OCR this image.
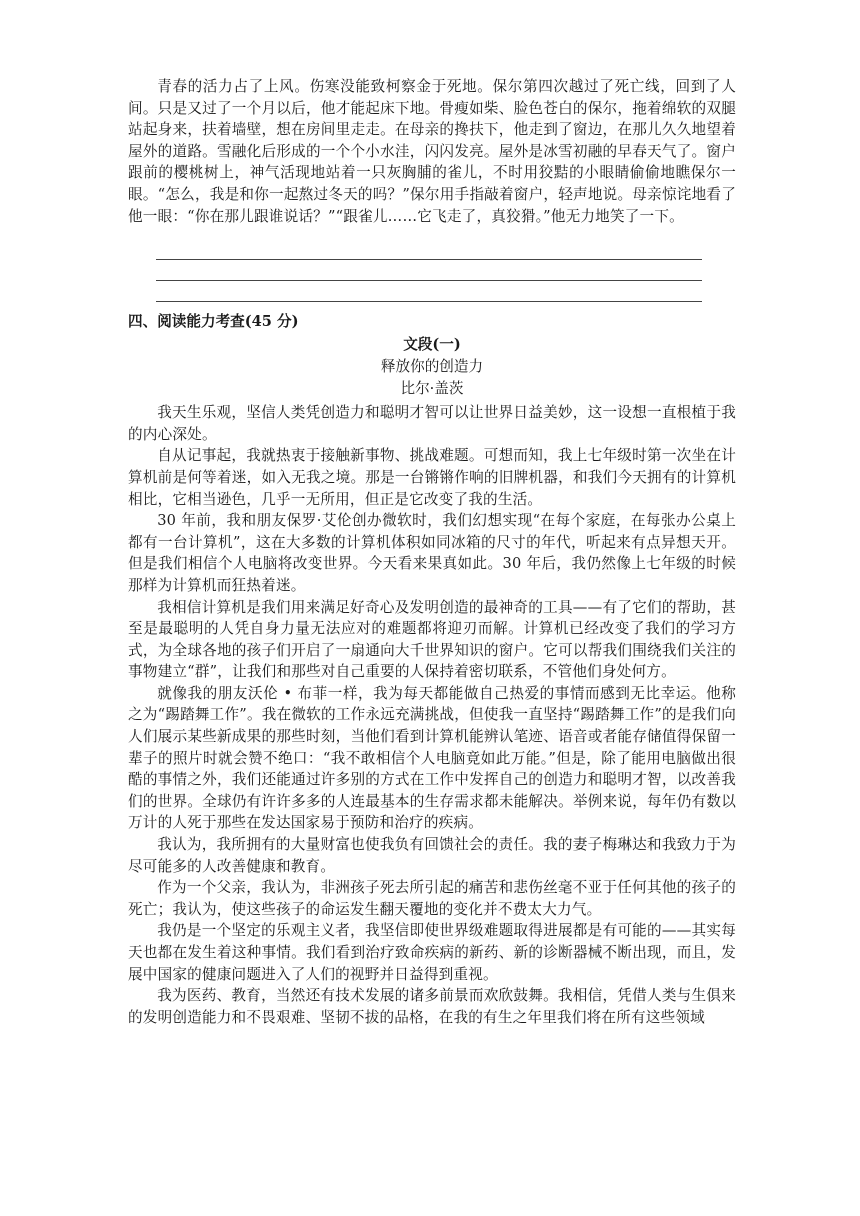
青春的活力占了上风。伤寒没能致柯察金于死地。保尔第四次越过了死亡线，回到了人间。只是又过了一个月以后，他才能起床下地。骨瘦如柴、脸色苍白的保尔，拖着绵软的双腿站起身来，扶着墙壁，想在房间里走走。在母亲的搀扶下，他走到了窗边，在那儿久久地望着屋外的道路。雪融化后形成的一个个小水洼，闪闪发亮。屋外是冰雪初融的早春天气了。窗户跟前的樱桃树上，神气活现地站着一只灰胸脯的雀儿，不时用狡黠的小眼睛偷偷地瞧保尔一眼。“怎么，我是和你一起熬过冬天的吗？”保尔用手指敲着窗户，轻声地说。母亲惊诧地看了他一眼：“你在那儿跟谁说话？”“跟雀儿……它飞走了，真狡猾。”他无力地笑了一下。

四、阅读能力考查(45 分)

文段(一)

释放你的创造力

比尔·盖茨

我天生乐观，坚信人类凭创造力和聪明才智可以让世界日益美妙，这一设想一直根植于我的内心深处。

自从记事起，我就热衷于接触新事物、挑战难题。可想而知，我上七年级时第一次坐在计算机前是何等着迷，如入无我之境。那是一台锵锵作响的旧牌机器，和我们今天拥有的计算机相比，它相当逊色，几乎一无所用，但正是它改变了我的生活。

30 年前，我和朋友保罗·艾伦创办微软时，我们幻想实现“在每个家庭，在每张办公桌上都有一台计算机”，这在大多数的计算机体积如同冰箱的尺寸的年代，听起来有点异想天开。但是我们相信个人电脑将改变世界。今天看来果真如此。30 年后，我仍然像上七年级的时候那样为计算机而狂热着迷。

我相信计算机是我们用来满足好奇心及发明创造的最神奇的工具——有了它们的帮助，甚至是最聪明的人凭自身力量无法应对的难题都将迎刃而解。计算机已经改变了我们的学习方式，为全球各地的孩子们开启了一扇通向大千世界知识的窗户。它可以帮我们围绕我们关注的事物建立“群”，让我们和那些对自己重要的人保持着密切联系，不管他们身处何方。

就像我的朋友沃伦 • 布菲一样，我为每天都能做自己热爱的事情而感到无比幸运。他称之为“踢踏舞工作”。我在微软的工作永远充满挑战，但使我一直坚持“踢踏舞工作”的是我们向人们展示某些新成果的那些时刻，当他们看到计算机能辨认笔迹、语音或者能存储值得保留一辈子的照片时就会赞不绝口：“我不敢相信个人电脑竟如此万能。”但是，除了能用电脑做出很酷的事情之外，我们还能通过许多别的方式在工作中发挥自己的创造力和聪明才智，以改善我们的世界。全球仍有许许多多的人连最基本的生存需求都未能解决。举例来说，每年仍有数以万计的人死于那些在发达国家易于预防和治疗的疾病。

我认为，我所拥有的大量财富也使我负有回馈社会的责任。我的妻子梅琳达和我致力于为尽可能多的人改善健康和教育。

作为一个父亲，我认为，非洲孩子死去所引起的痛苦和悲伤丝毫不亚于任何其他的孩子的死亡；我认为，使这些孩子的命运发生翻天覆地的变化并不费太大力气。

我仍是一个坚定的乐观主义者，我坚信即使世界级难题取得进展都是有可能的——其实每天也都在发生着这种事情。我们看到治疗致命疾病的新药、新的诊断器械不断出现，而且，发展中国家的健康问题进入了人们的视野并日益得到重视。

我为医药、教育，当然还有技术发展的诸多前景而欢欣鼓舞。我相信，凭借人类与生俱来的发明创造能力和不畏艰难、坚韧不拔的品格，在我的有生之年里我们将在所有这些领域
